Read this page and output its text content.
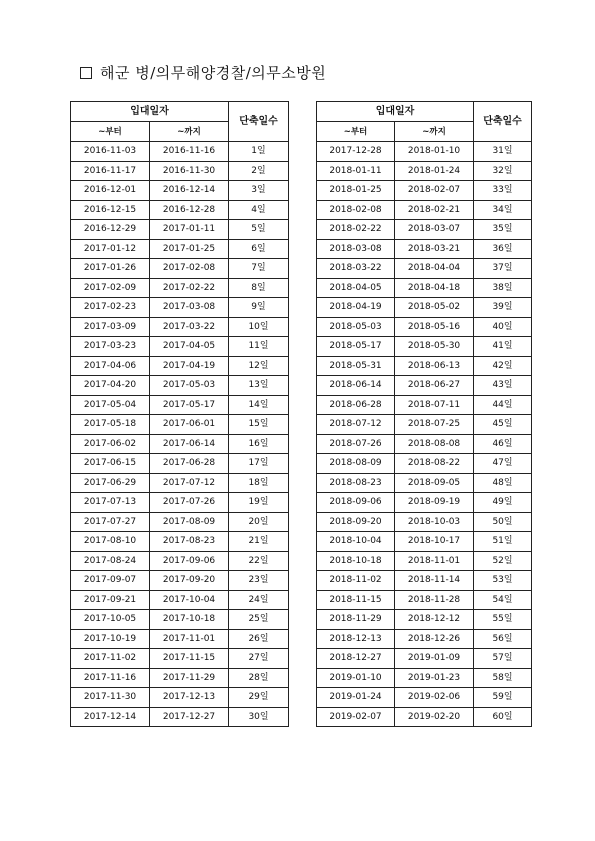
해군 병/의무해양경찰/의무소방원
입대일자		단축일수
~부터	~까지	
2016-11-03	2016-11-16	1일
2016-11-17	2016-11-30	2일
2016-12-01	2016-12-14	3일
2016-12-15	2016-12-28	4일
2016-12-29	2017-01-11	5일
2017-01-12	2017-01-25	6일
2017-01-26	2017-02-08	7일
2017-02-09	2017-02-22	8일
2017-02-23	2017-03-08	9일
2017-03-09	2017-03-22	10일
2017-03-23	2017-04-05	11일
2017-04-06	2017-04-19	12일
2017-04-20	2017-05-03	13일
2017-05-04	2017-05-17	14일
2017-05-18	2017-06-01	15일
2017-06-02	2017-06-14	16일
2017-06-15	2017-06-28	17일
2017-06-29	2017-07-12	18일
2017-07-13	2017-07-26	19일
2017-07-27	2017-08-09	20일
2017-08-10	2017-08-23	21일
2017-08-24	2017-09-06	22일
2017-09-07	2017-09-20	23일
2017-09-21	2017-10-04	24일
2017-10-05	2017-10-18	25일
2017-10-19	2017-11-01	26일
2017-11-02	2017-11-15	27일
2017-11-16	2017-11-29	28일
2017-11-30	2017-12-13	29일
2017-12-14	2017-12-27	30일
입대일자		단축일수
~부터	~까지	
2017-12-28	2018-01-10	31일
2018-01-11	2018-01-24	32일
2018-01-25	2018-02-07	33일
2018-02-08	2018-02-21	34일
2018-02-22	2018-03-07	35일
2018-03-08	2018-03-21	36일
2018-03-22	2018-04-04	37일
2018-04-05	2018-04-18	38일
2018-04-19	2018-05-02	39일
2018-05-03	2018-05-16	40일
2018-05-17	2018-05-30	41일
2018-05-31	2018-06-13	42일
2018-06-14	2018-06-27	43일
2018-06-28	2018-07-11	44일
2018-07-12	2018-07-25	45일
2018-07-26	2018-08-08	46일
2018-08-09	2018-08-22	47일
2018-08-23	2018-09-05	48일
2018-09-06	2018-09-19	49일
2018-09-20	2018-10-03	50일
2018-10-04	2018-10-17	51일
2018-10-18	2018-11-01	52일
2018-11-02	2018-11-14	53일
2018-11-15	2018-11-28	54일
2018-11-29	2018-12-12	55일
2018-12-13	2018-12-26	56일
2018-12-27	2019-01-09	57일
2019-01-10	2019-01-23	58일
2019-01-24	2019-02-06	59일
2019-02-07	2019-02-20	60일
